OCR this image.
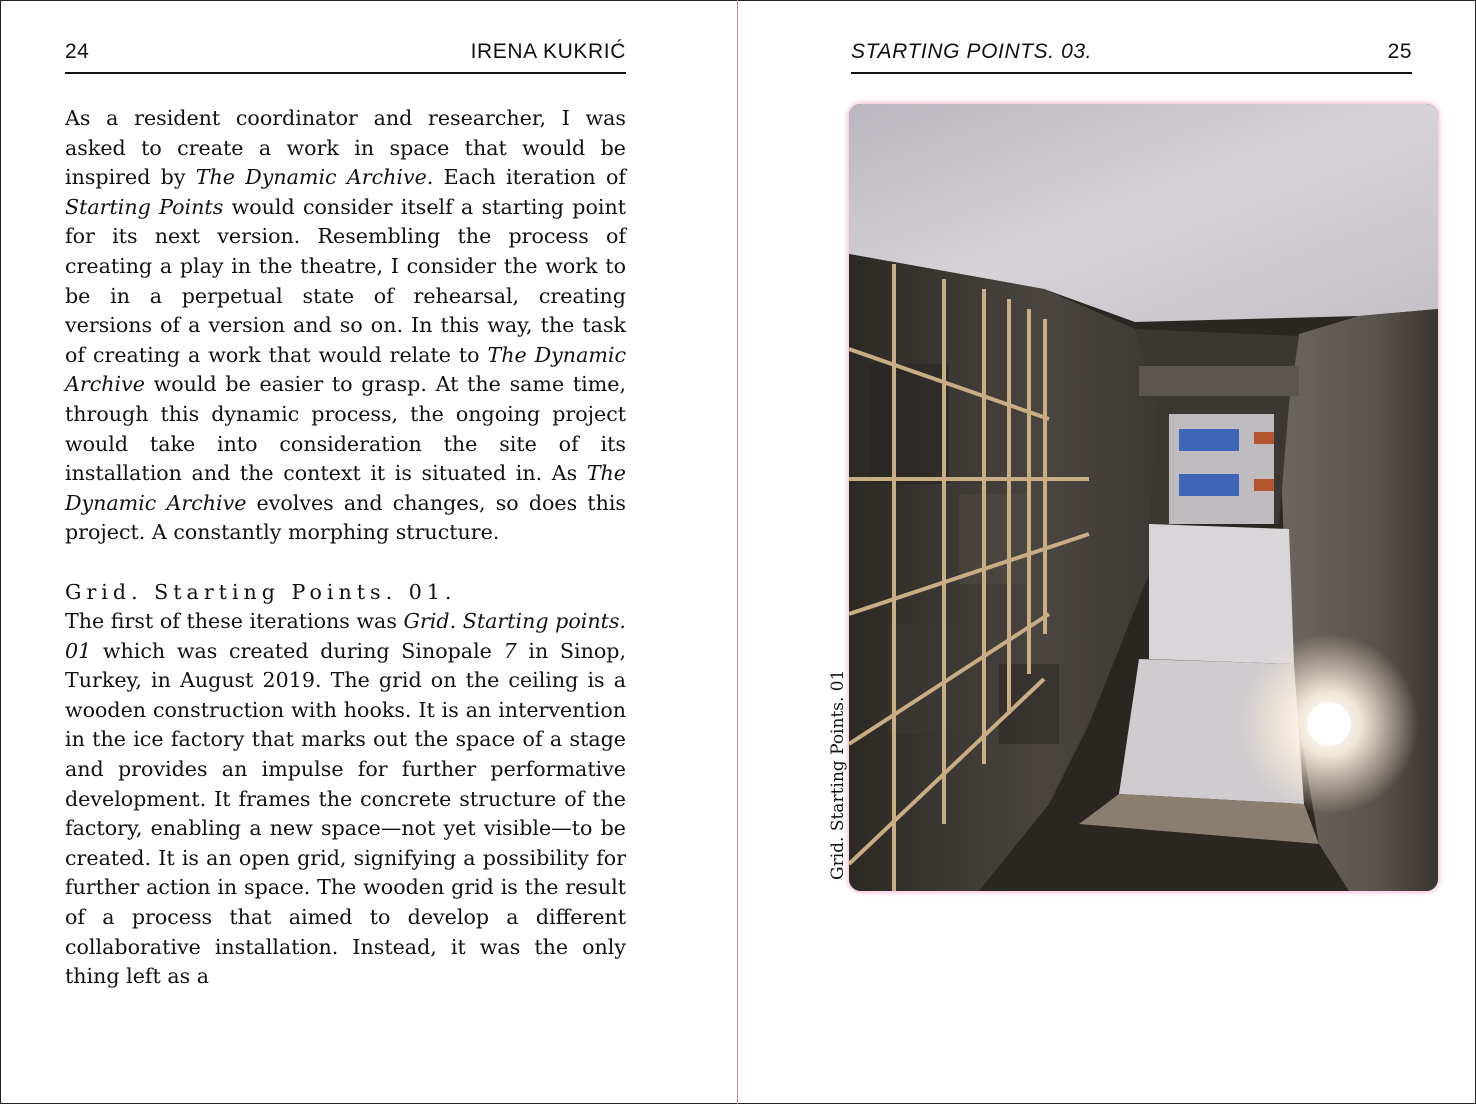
24	IRENA KUKRIĆ

As a resident coordinator and researcher, I was asked to create a work in space that would be inspired by The Dynamic Archive. Each iteration of Starting Points would consider itself a starting point for its next version. Resembling the process of creating a play in the theatre, I consider the work to be in a perpetual state of rehearsal, creating versions of a version and so on. In this way, the task of creating a work that would relate to The Dynamic Archive would be easier to grasp. At the same time, through this dynamic process, the ongoing project would take into consideration the site of its installation and the context it is situated in. As The Dynamic Archive evolves and changes, so does this project. A constantly morphing structure.

Grid. Starting Points. 01.

The first of these iterations was Grid. Starting points. 01 which was created during Sinopale 7 in Sinop, Turkey, in August 2019. The grid on the ceiling is a wooden construction with hooks. It is an intervention in the ice factory that marks out the space of a stage and provides an impulse for further performative development. It frames the concrete structure of the factory, enabling a new space—not yet visible—to be created. It is an open grid, signifying a possibility for further action in space. The wooden grid is the result of a process that aimed to develop a different collaborative installation. Instead, it was the only thing left as a

STARTING POINTS. 03.	25
Grid. Starting Points. 01
